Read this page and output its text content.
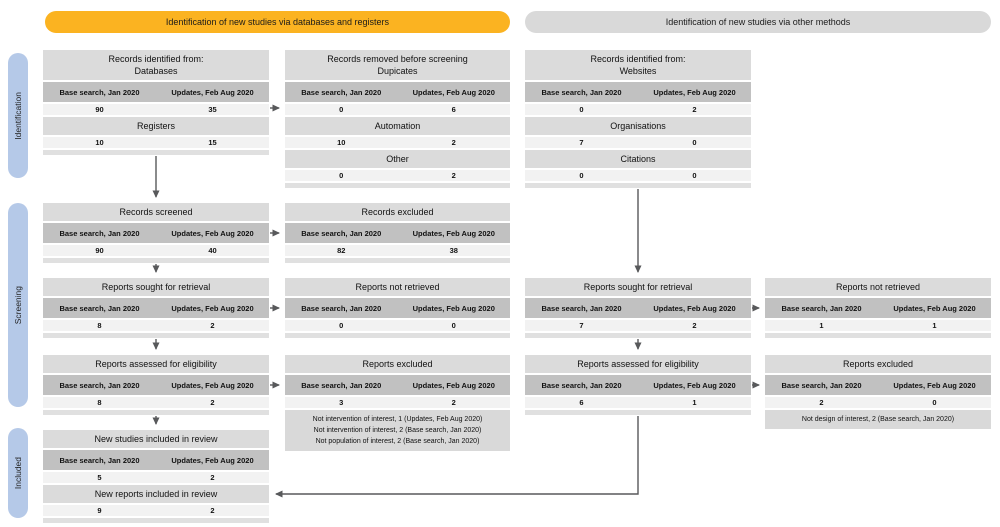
Identification of new studies via databases and registers	Identification of new studies via other methods
Identification
Screening
Included
Records identified from:
Databases
Base search, Jan 2020	Updates, Feb Aug 2020
90	35
Registers
10	15
Records removed before screening
Dupicates
Base search, Jan 2020	Updates, Feb Aug 2020
0	6
Automation
10	2
Other
0	2
Records identified from:
Websites
Base search, Jan 2020	Updates, Feb Aug 2020
0	2
Organisations
7	0
Citations
0	0
Records screened
Base search, Jan 2020	Updates, Feb Aug 2020
90	40
Records excluded
Base search, Jan 2020	Updates, Feb Aug 2020
82	38
Reports sought for retrieval
Base search, Jan 2020	Updates, Feb Aug 2020
8	2
Reports not retrieved
Base search, Jan 2020	Updates, Feb Aug 2020
0	0
Reports sought for retrieval
Base search, Jan 2020	Updates, Feb Aug 2020
7	2
Reports not retrieved
Base search, Jan 2020	Updates, Feb Aug 2020
1	1
Reports assessed for eligibility
Base search, Jan 2020	Updates, Feb Aug 2020
8	2
Reports excluded
Base search, Jan 2020	Updates, Feb Aug 2020
3	2
Not intervention of interest, 1 (Updates, Feb Aug 2020)
Not intervention of interest, 2 (Base search, Jan 2020)
Not population of interest, 2 (Base search, Jan 2020)
Reports assessed for eligibility
Base search, Jan 2020	Updates, Feb Aug 2020
6	1
Reports excluded
Base search, Jan 2020	Updates, Feb Aug 2020
2	0
Not design of interest, 2 (Base search, Jan 2020)
New studies included in review
Base search, Jan 2020	Updates, Feb Aug 2020
5	2
New reports included in review
9	2
